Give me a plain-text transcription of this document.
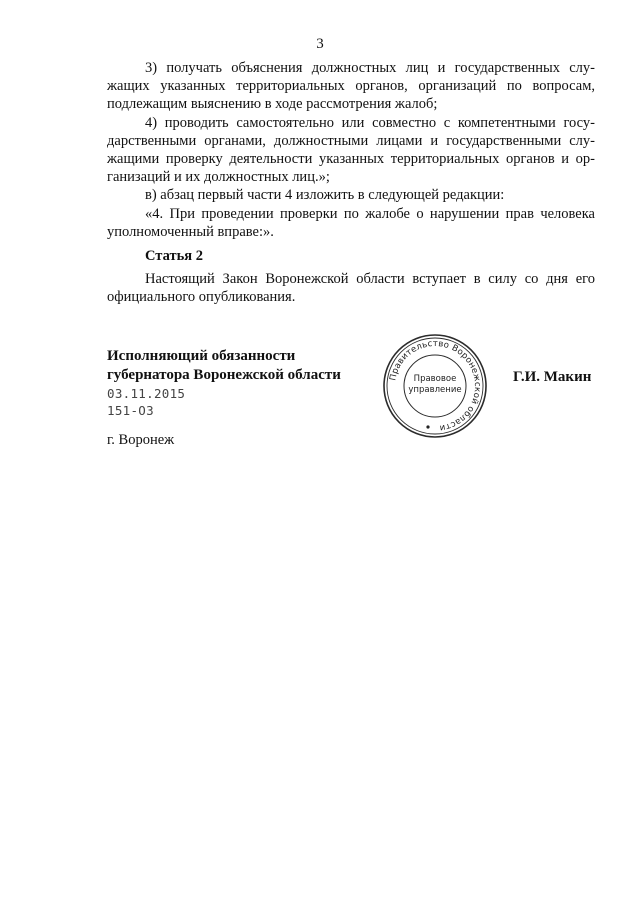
3

3) получать объяснения должностных лиц и государственных слу-жащих указанных территориальных органов, организаций по вопросам, подлежащим выяснению в ходе рассмотрения жалоб;

4) проводить самостоятельно или совместно с компетентными госу-дарственными органами, должностными лицами и государственными слу-жащими проверку деятельности указанных территориальных органов и ор-ганизаций и их должностных лиц.»;

в) абзац первый части 4 изложить в следующей редакции:

«4. При проведении проверки по жалобе о нарушении прав человека уполномоченный вправе:».

Статья 2

Настоящий Закон Воронежской области вступает в силу со дня его официального опубликования.

Исполняющий обязанности
губернатора Воронежской области	Правительство Воронежской области
Правовое
управление
Г.И. Макин
03.11.2015
151-ОЗ
г. Воронеж
